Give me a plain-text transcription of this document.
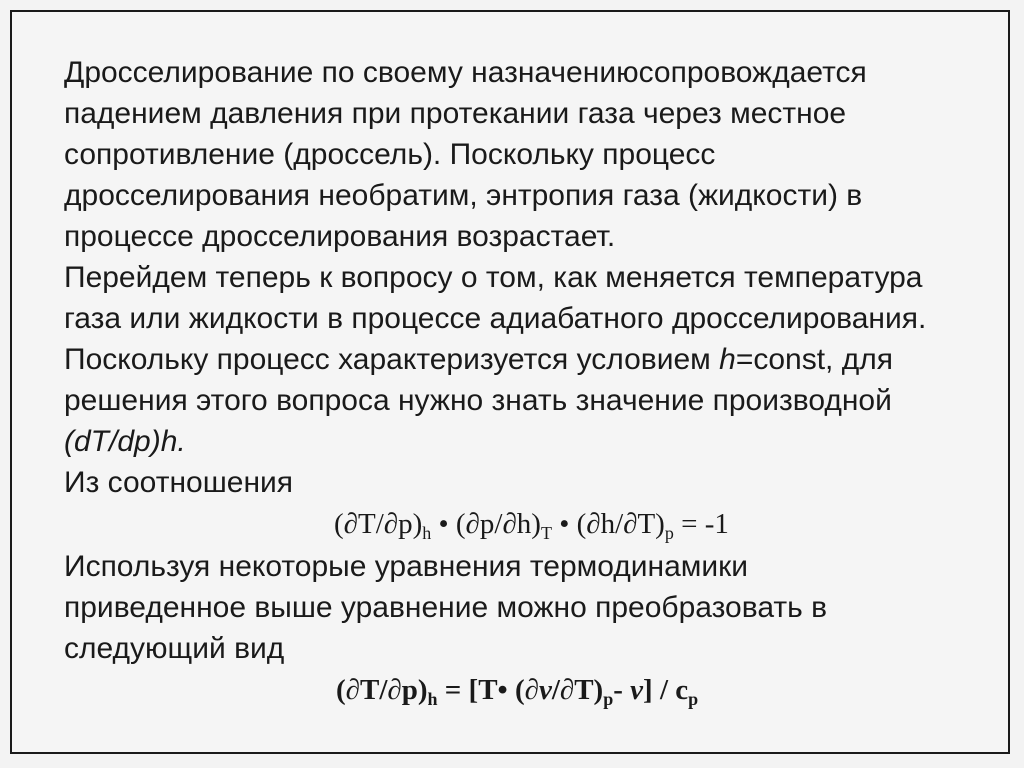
Дросселирование по своему назначениюсопровождается
падением давления при протекании газа через местное
сопротивление (дроссель). Поскольку процесс
дросселирования необратим, энтропия газа (жидкости) в
процессе дросселирования возрастает.
Перейдем теперь к вопросу о том, как меняется температура
газа или жидкости в процессе адиабатного дросселирования.
Поскольку процесс характеризуется условием h=const, для
решения этого вопроса нужно знать значение производной
(dT/dp)h.
Из соотношения
$(\partial T/\partial p)_h$ • $(\partial p/\partial h)_T$ • $(\partial h/\partial T)_p = -1$
Используя некоторые уравнения термодинамики
приведенное выше уравнение можно преобразовать в
следующий вид
$(\partial T/\partial p)_h$ = [T• $(\partial v/\partial T)_p-$ $v] / c_p$
